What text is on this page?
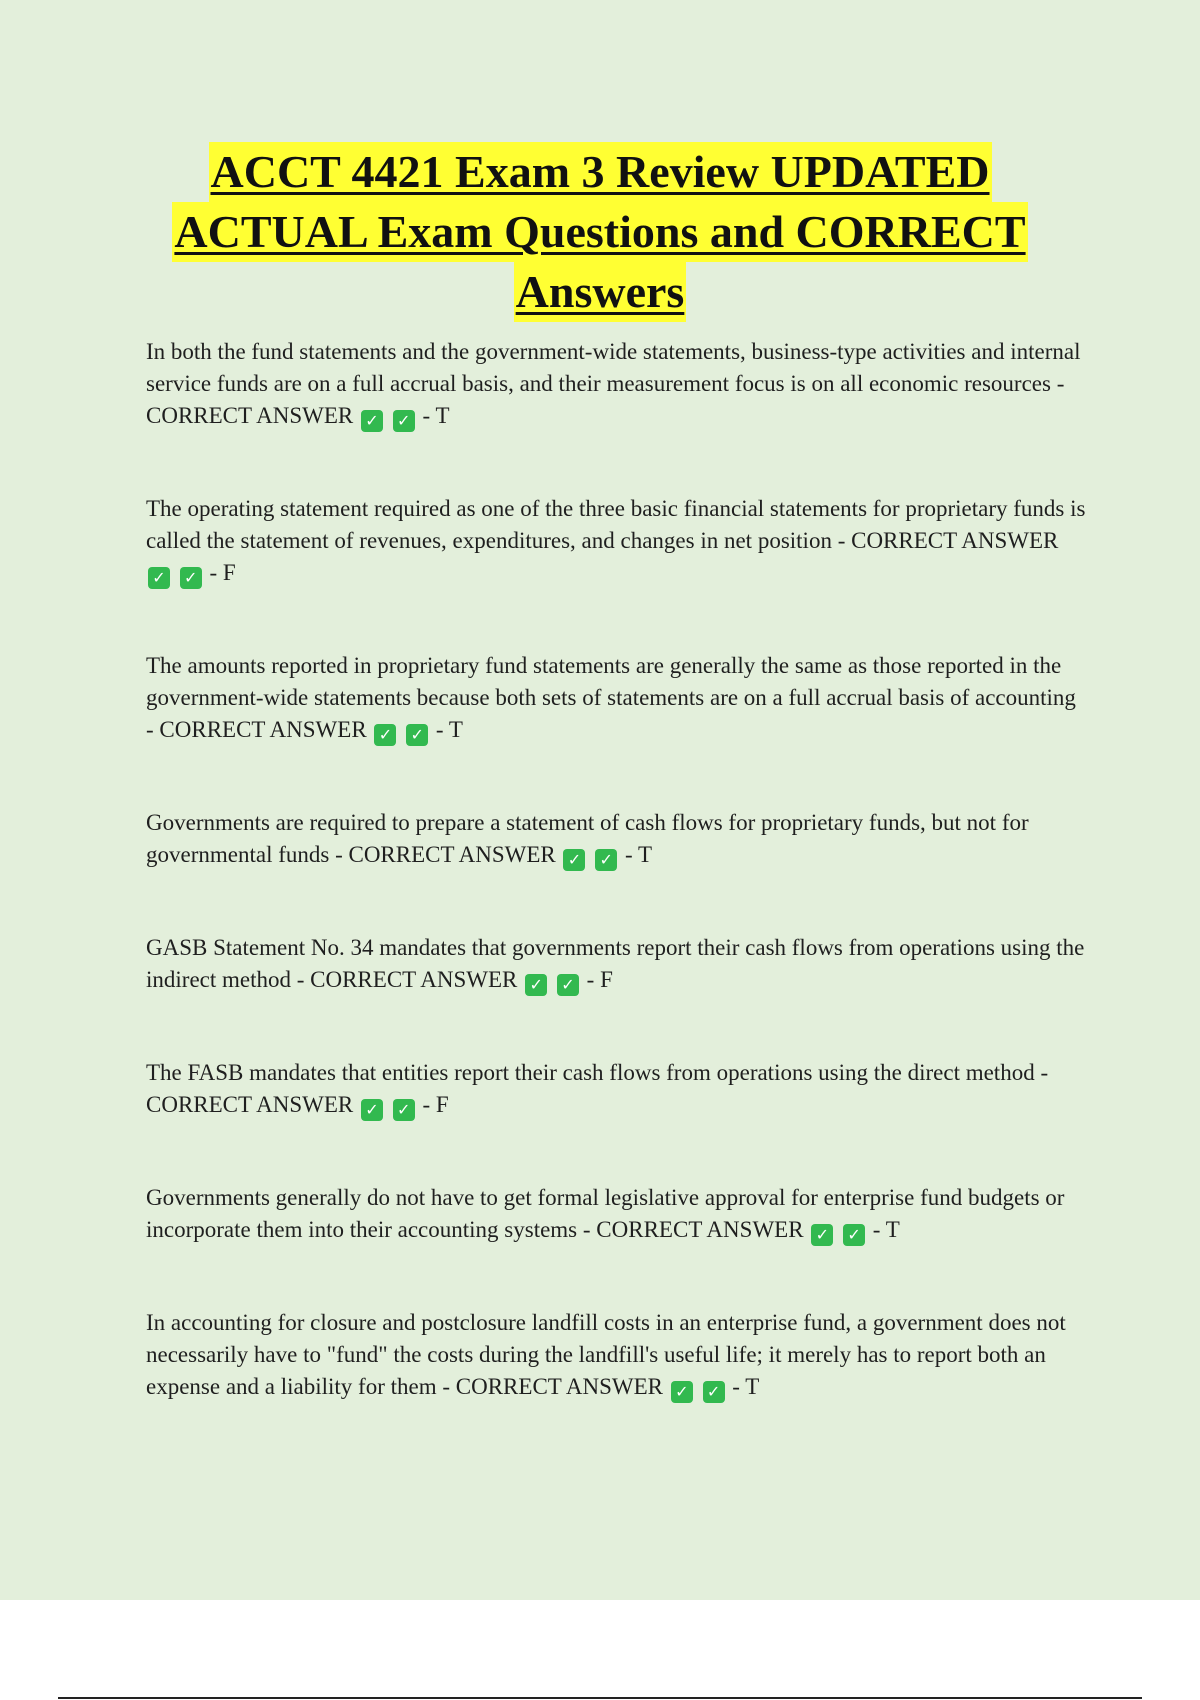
ACCT 4421 Exam 3 Review UPDATED
ACTUAL Exam Questions and CORRECT
Answers
In both the fund statements and the government-wide statements, business-type activities and internal service funds are on a full accrual basis, and their measurement focus is on all economic resources - CORRECT ANSWER ✓ ✓ - T
The operating statement required as one of the three basic financial statements for proprietary funds is called the statement of revenues, expenditures, and changes in net position - CORRECT ANSWER ✓ ✓ - F
The amounts reported in proprietary fund statements are generally the same as those reported in the government-wide statements because both sets of statements are on a full accrual basis of accounting - CORRECT ANSWER ✓ ✓ - T
Governments are required to prepare a statement of cash flows for proprietary funds, but not for governmental funds - CORRECT ANSWER ✓ ✓ - T
GASB Statement No. 34 mandates that governments report their cash flows from operations using the indirect method - CORRECT ANSWER ✓ ✓ - F
The FASB mandates that entities report their cash flows from operations using the direct method - CORRECT ANSWER ✓ ✓ - F
Governments generally do not have to get formal legislative approval for enterprise fund budgets or incorporate them into their accounting systems - CORRECT ANSWER ✓ ✓ - T
In accounting for closure and postclosure landfill costs in an enterprise fund, a government does not necessarily have to "fund" the costs during the landfill's useful life; it merely has to report both an expense and a liability for them - CORRECT ANSWER ✓ ✓ - T
